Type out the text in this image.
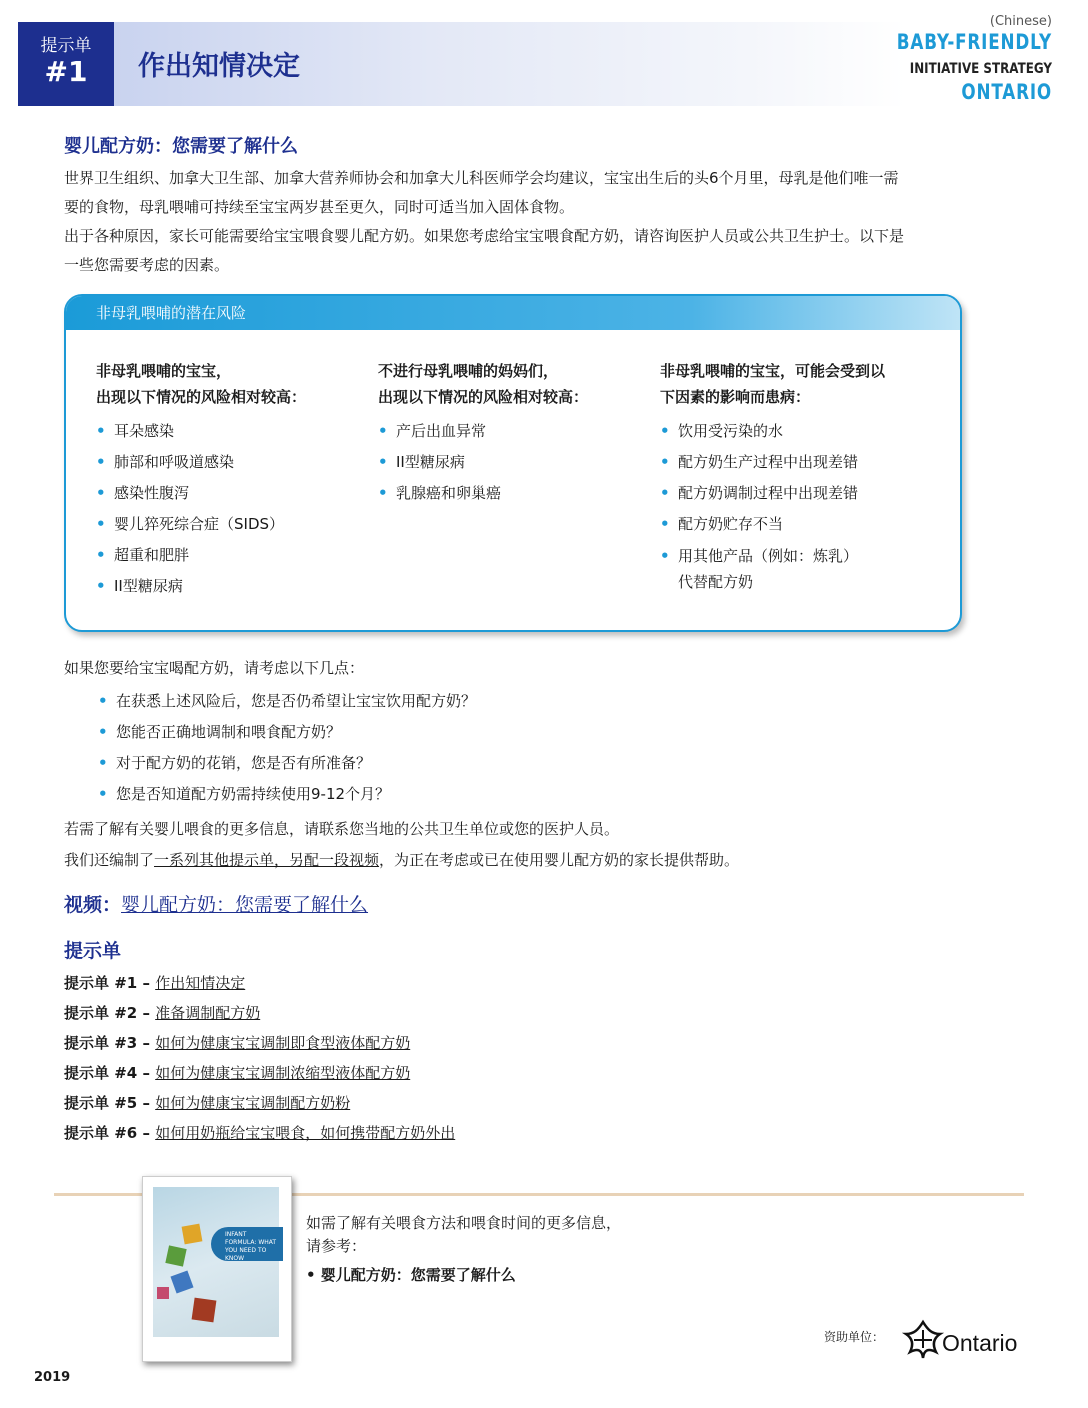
提示单
#1	作出知情决定
(Chinese)
BABY-FRIENDLY
INITIATIVE STRATEGY
ONTARIO
婴儿配方奶：您需要了解什么
世界卫生组织、加拿大卫生部、加拿大营养师协会和加拿大儿科医师学会均建议，宝宝出生后的头6个月里，母乳是他们唯一需
要的食物，母乳喂哺可持续至宝宝两岁甚至更久，同时可适当加入固体食物。
出于各种原因，家长可能需要给宝宝喂食婴儿配方奶。如果您考虑给宝宝喂食配方奶，请咨询医护人员或公共卫生护士。以下是
一些您需要考虑的因素。
非母乳喂哺的潜在风险
非母乳喂哺的宝宝，
出现以下情况的风险相对较高：
• 耳朵感染
• 肺部和呼吸道感染
• 感染性腹泻
• 婴儿猝死综合症（SIDS）
• 超重和肥胖
• II型糖尿病
不进行母乳喂哺的妈妈们，
出现以下情况的风险相对较高：
• 产后出血异常
• II型糖尿病
• 乳腺癌和卵巢癌
非母乳喂哺的宝宝，可能会受到以
下因素的影响而患病：
• 饮用受污染的水
• 配方奶生产过程中出现差错
• 配方奶调制过程中出现差错
• 配方奶贮存不当
• 用其他产品（例如：炼乳）
代替配方奶
如果您要给宝宝喝配方奶，请考虑以下几点：
• 在获悉上述风险后，您是否仍希望让宝宝饮用配方奶？
• 您能否正确地调制和喂食配方奶？
• 对于配方奶的花销，您是否有所准备？
• 您是否知道配方奶需持续使用9-12个月？
若需了解有关婴儿喂食的更多信息，请联系您当地的公共卫生单位或您的医护人员。
我们还编制了一系列其他提示单，另配一段视频，为正在考虑或已在使用婴儿配方奶的家长提供帮助。
视频：婴儿配方奶：您需要了解什么
提示单
提示单 #1 – 作出知情决定
提示单 #2 – 准备调制配方奶
提示单 #3 – 如何为健康宝宝调制即食型液体配方奶
提示单 #4 – 如何为健康宝宝调制浓缩型液体配方奶
提示单 #5 – 如何为健康宝宝调制配方奶粉
提示单 #6 – 如何用奶瓶给宝宝喂食，如何携带配方奶外出
INFANT FORMULA: WHAT YOU NEED TO KNOW
如需了解有关喂食方法和喂食时间的更多信息，
请参考：
• 婴儿配方奶：您需要了解什么
资助单位：	Ontario
2019
